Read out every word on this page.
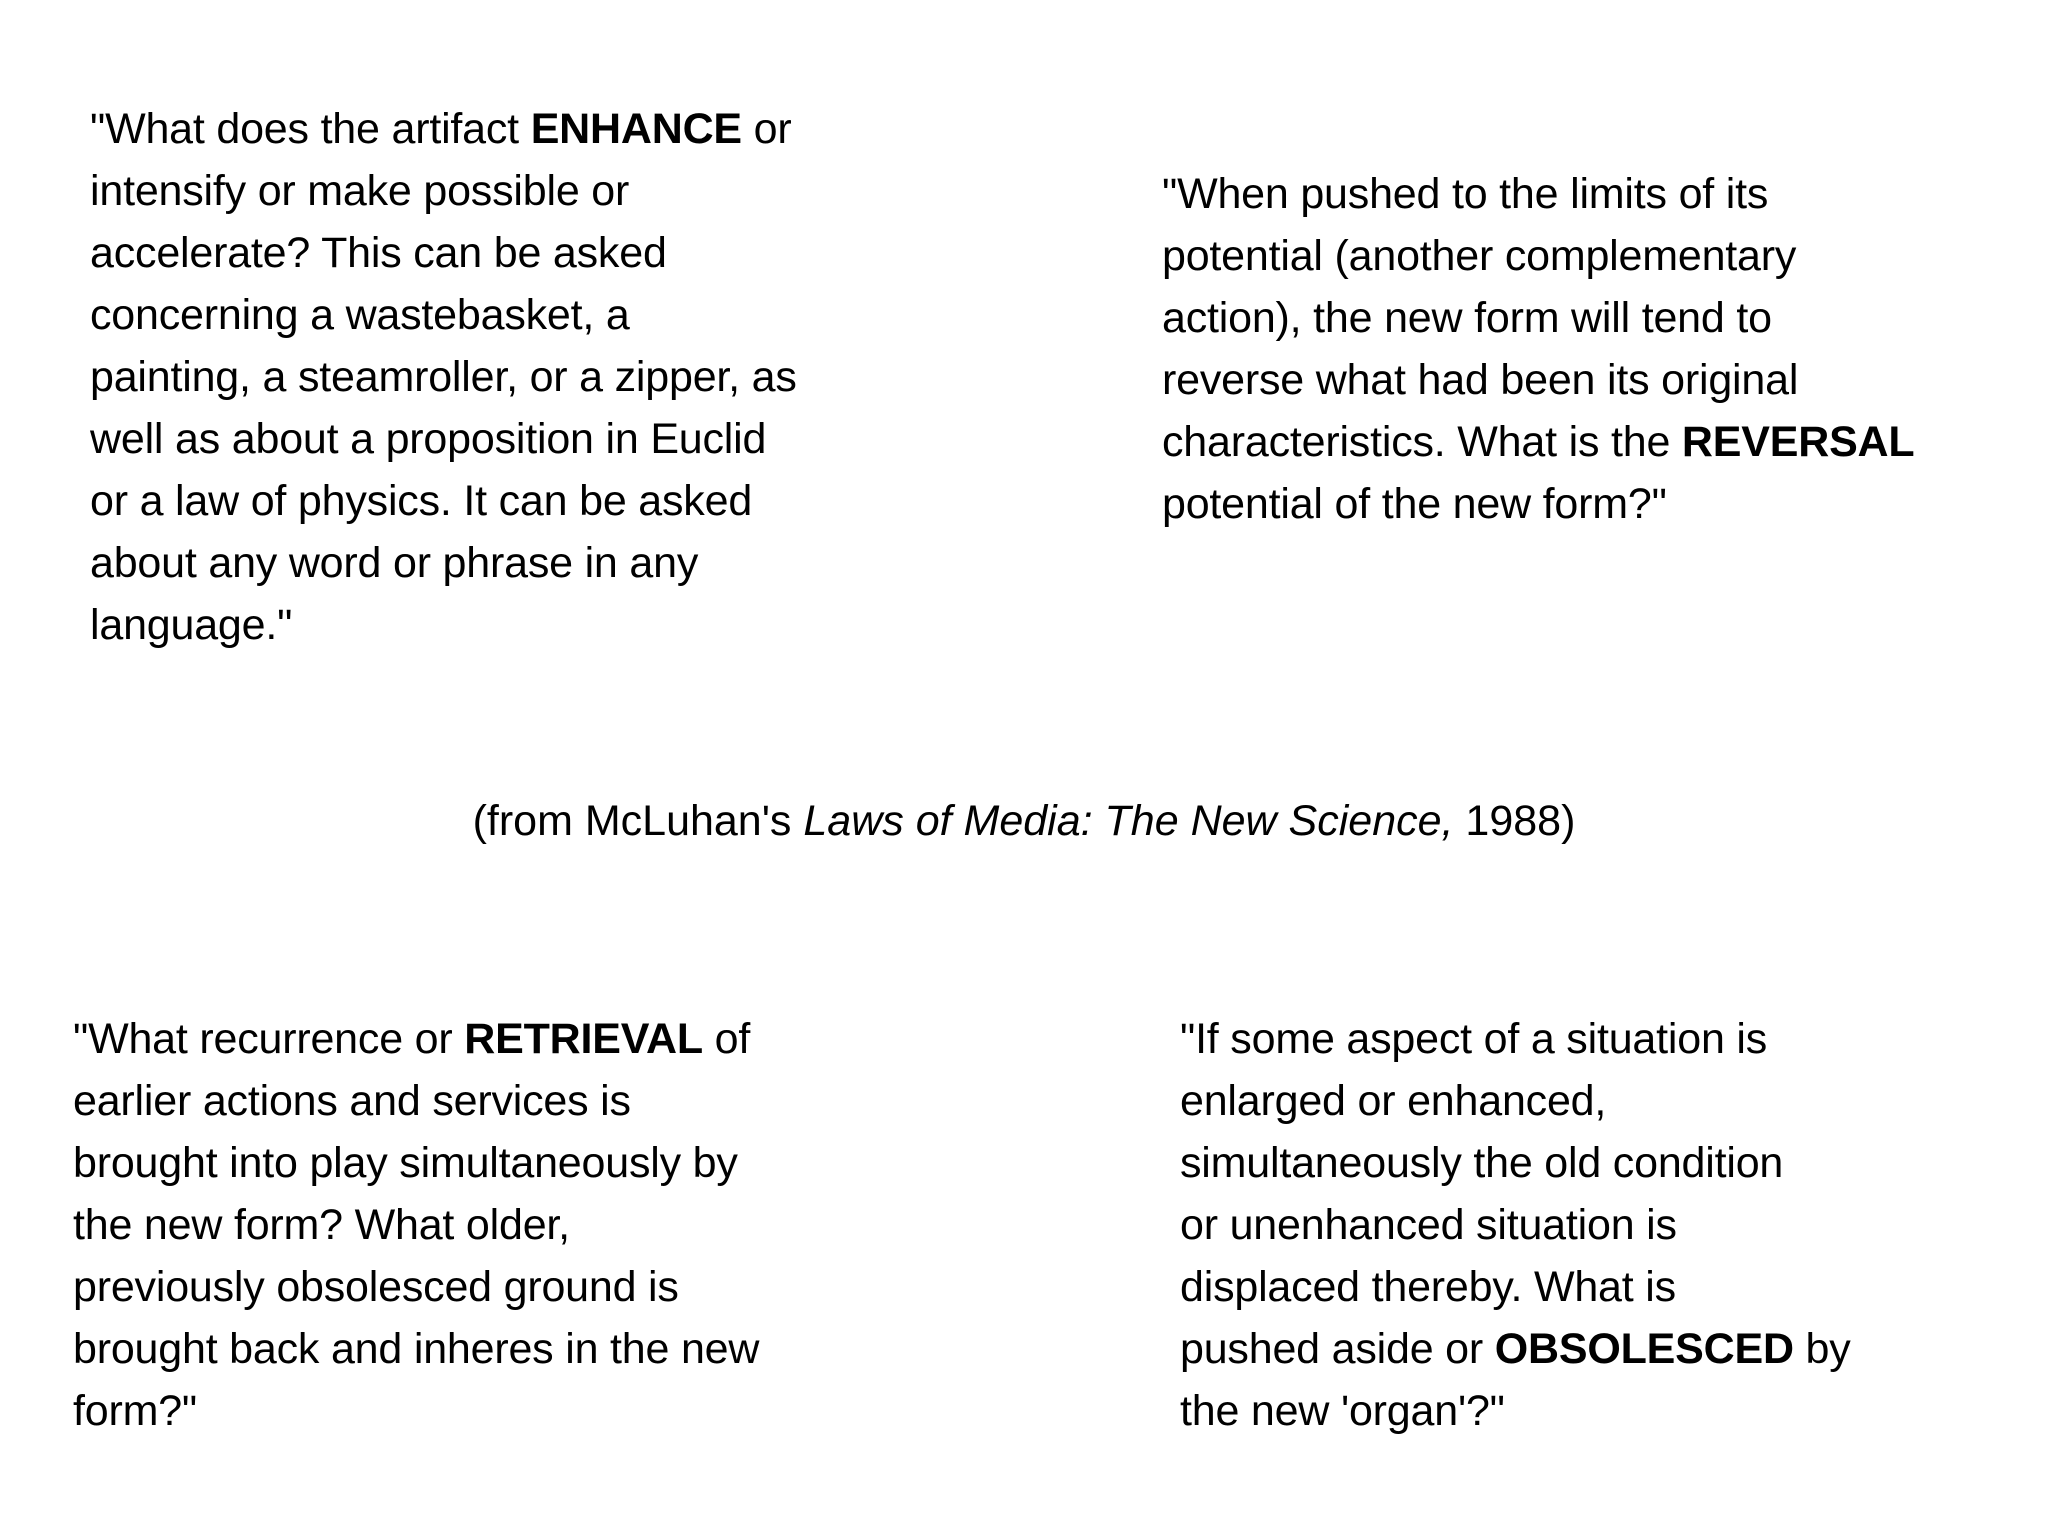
"What does the artifact ENHANCE or
intensify or make possible or
accelerate? This can be asked
concerning a wastebasket, a
painting, a steamroller, or a zipper, as
well as about a proposition in Euclid
or a law of physics. It can be asked
about any word or phrase in any
language."
"When pushed to the limits of its
potential (another complementary
action), the new form will tend to
reverse what had been its original
characteristics. What is the REVERSAL
potential of the new form?"
(from McLuhan's Laws of Media: The New Science, 1988)
"What recurrence or RETRIEVAL of
earlier actions and services is
brought into play simultaneously by
the new form? What older,
previously obsolesced ground is
brought back and inheres in the new
form?"
"If some aspect of a situation is
enlarged or enhanced,
simultaneously the old condition
or unenhanced situation is
displaced thereby. What is
pushed aside or OBSOLESCED by
the new 'organ'?"
